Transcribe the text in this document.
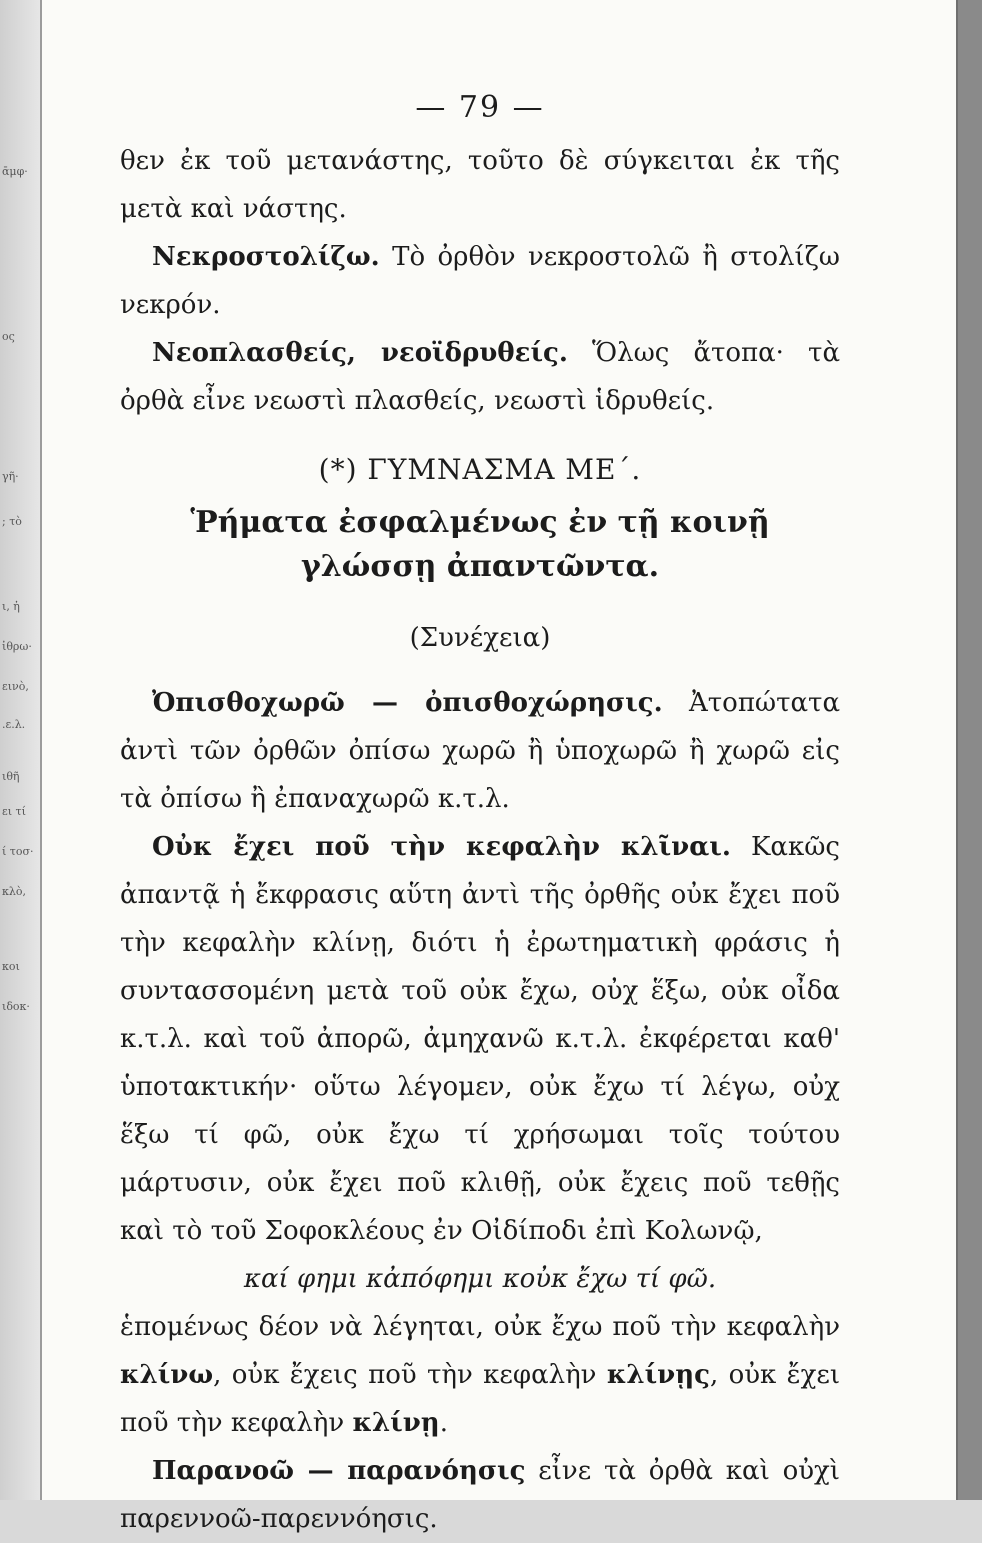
ᾱμφ·
ος
γῆ·
; τὸ
ι, ἡ
ἰθρω·
εινὸ,
.ε.λ.
ιθῆ
ει τί
ί τοσ·
κλὸ,
κοι
ιδοκ·
— 79 —

θεν ἐκ τοῦ μετανάστης, τοῦτο δὲ σύγκειται ἐκ τῆς μετὰ καὶ νάστης.

Νεκροστολίζω. Τὸ ὀρθὸν νεκροστολῶ ἢ στολίζω νεκρόν.

Νεοπλασθείς, νεοϊδρυθείς. Ὅλως ἄτοπα· τὰ ὀρθὰ εἶνε νεωστὶ πλασθείς, νεωστὶ ἱδρυθείς.

(*) ΓΥΜΝΑΣΜΑ ΜΕ΄.
Ῥήματα ἐσφαλμένως ἐν τῇ κοινῇ γλώσσῃ ἀπαντῶντα.
(Συνέχεια)

Ὀπισθοχωρῶ — ὀπισθοχώρησις. Ἀτοπώτατα ἀντὶ τῶν ὀρθῶν ὀπίσω χωρῶ ἢ ὑποχωρῶ ἢ χωρῶ εἰς τὰ ὀπίσω ἢ ἐπαναχωρῶ κ.τ.λ.

Οὐκ ἔχει ποῦ τὴν κεφαλὴν κλῖναι. Κακῶς ἀπαντᾷ ἡ ἔκφρασις αὕτη ἀντὶ τῆς ὀρθῆς οὐκ ἔχει ποῦ τὴν κεφαλὴν κλίνῃ, διότι ἡ ἐρωτηματικὴ φράσις ἡ συντασσομένη μετὰ τοῦ οὐκ ἔχω, οὐχ ἕξω, οὐκ οἶδα κ.τ.λ. καὶ τοῦ ἀπορῶ, ἀμηχανῶ κ.τ.λ. ἐκφέρεται καθ' ὑποτακτικήν· οὕτω λέγομεν, οὐκ ἔχω τί λέγω, οὐχ ἕξω τί φῶ, οὐκ ἔχω τί χρήσωμαι τοῖς τούτου μάρτυσιν, οὐκ ἔχει ποῦ κλιθῇ, οὐκ ἔχεις ποῦ τεθῇς καὶ τὸ τοῦ Σοφοκλέους ἐν Οἰδίποδι ἐπὶ Κολωνῷ,

καί φημι κἀπόφημι κοὐκ ἔχω τί φῶ.

ἑπομένως δέον νὰ λέγηται, οὐκ ἔχω ποῦ τὴν κεφαλὴν κλίνω, οὐκ ἔχεις ποῦ τὴν κεφαλὴν κλίνῃς, οὐκ ἔχει ποῦ τὴν κεφαλὴν κλίνῃ.

Παρανοῶ — παρανόησις εἶνε τὰ ὀρθὰ καὶ οὐχὶ παρεννοῶ-παρεννόησις.
